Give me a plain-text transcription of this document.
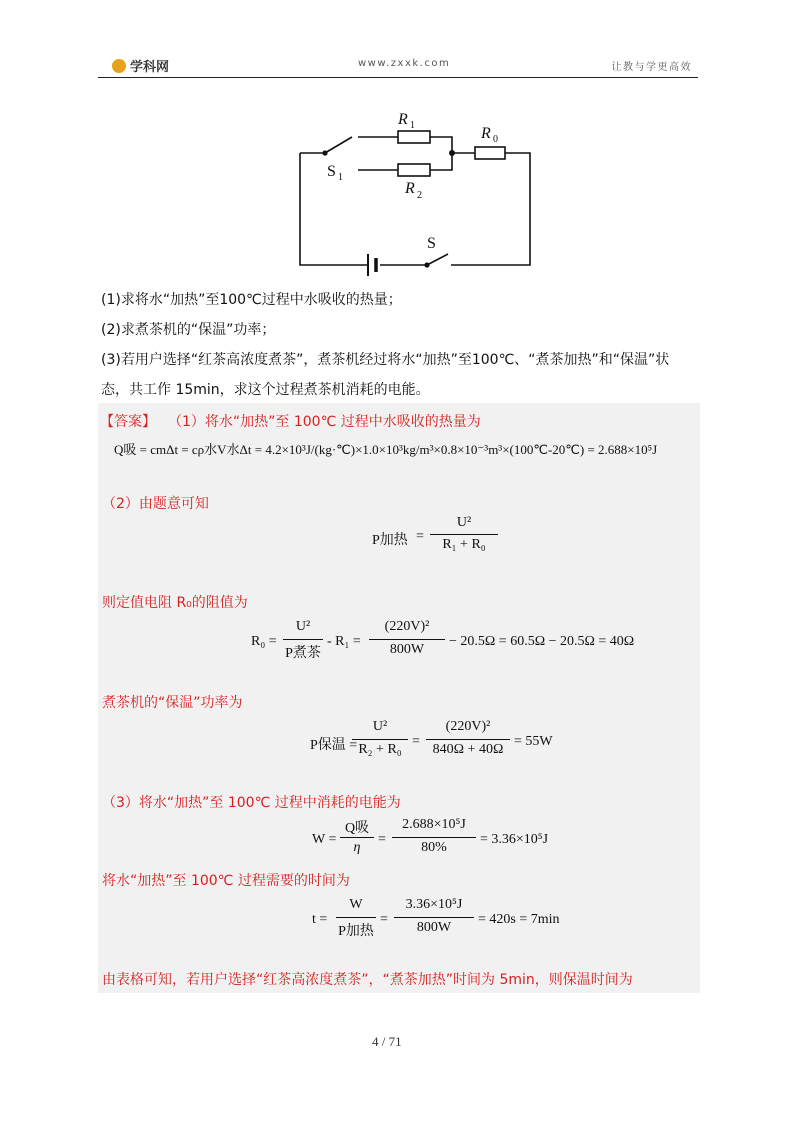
学科网	www.zxxk.com	让教与学更高效
R 1
R 2
R 0
S 1
S
(1)求将水“加热”至100℃过程中水吸收的热量；
(2)求煮茶机的“保温”功率；
(3)若用户选择“红茶高浓度煮茶”，煮茶机经过将水“加热”至100℃、“煮茶加热”和“保温”状
态，共工作 15min，求这个过程煮茶机消耗的电能。
【答案】 （1）将水“加热”至 100℃ 过程中水吸收的热量为
Q吸 = cmΔt = cρ水V水Δt = 4.2×10³J/(kg·℃)×1.0×10³kg/m³×0.8×10⁻³m³×(100℃-20℃) = 2.688×10⁵J
（2）由题意可知
P加热 =
U²
R₁ + R₀
则定值电阻 R₀的阻值为
R₀ =
U²
P煮茶
- R₁ =
(220V)²
800W
− 20.5Ω = 60.5Ω − 20.5Ω = 40Ω
煮茶机的“保温”功率为
P保温 =
U²
R₂ + R₀
=
(220V)²
840Ω + 40Ω
= 55W
（3）将水“加热”至 100℃ 过程中消耗的电能为
W =
Q吸
η
=
2.688×10⁵J
80%
= 3.36×10⁵J
将水“加热”至 100℃ 过程需要的时间为
t =
W
P加热
=
3.36×10⁵J
800W
= 420s = 7min
由表格可知，若用户选择“红茶高浓度煮茶”，“煮茶加热”时间为 5min，则保温时间为
4 / 71
